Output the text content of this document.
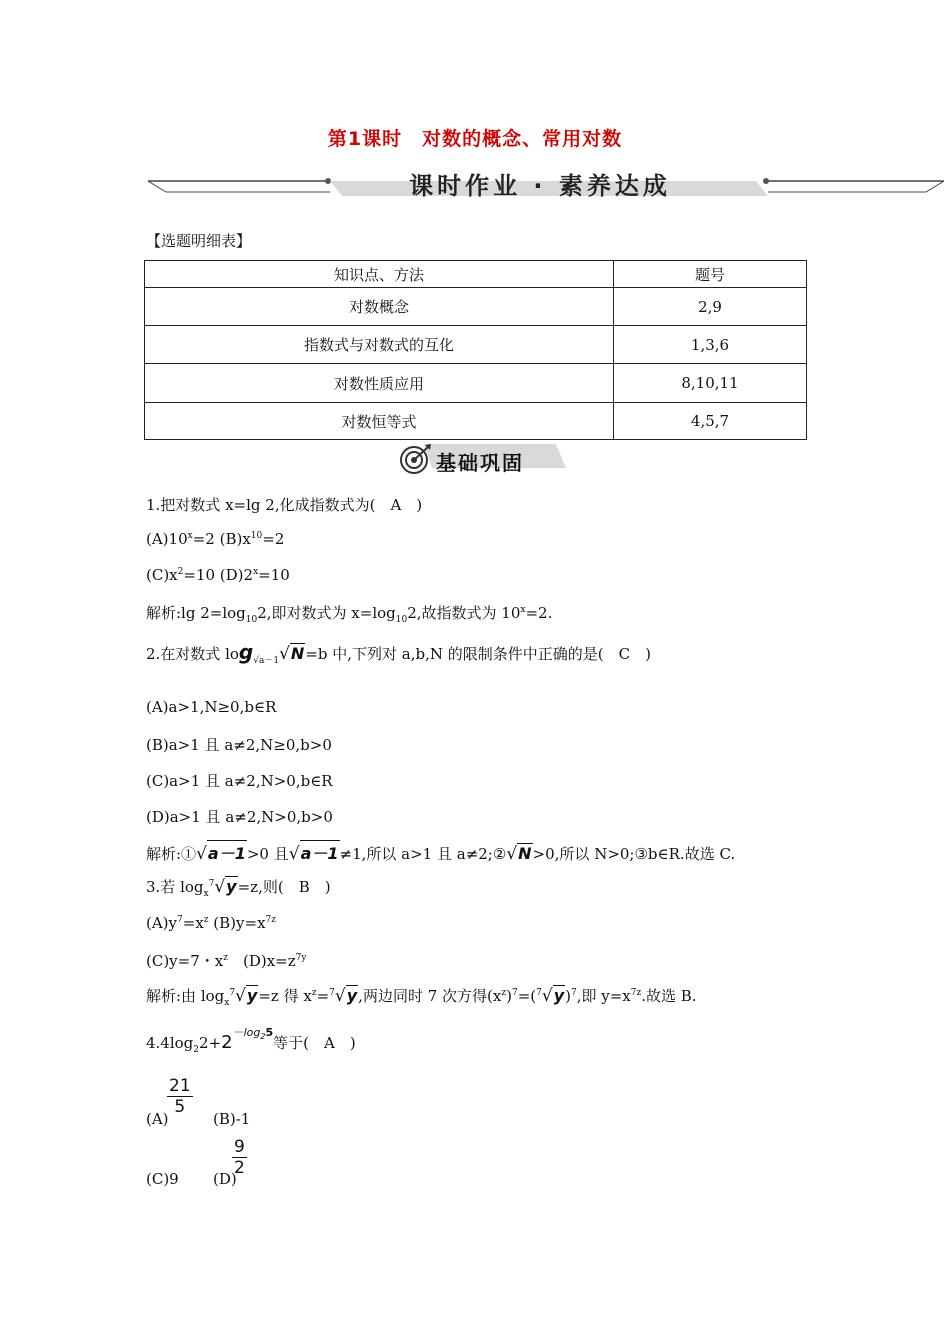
第1课时　对数的概念、常用对数
课时作业 · 素养达成
【选题明细表】
知识点、方法	题号
对数概念	2,9
指数式与对数式的互化	1,3,6
对数性质应用	8,10,11
对数恒等式	4,5,7
基础巩固
1.把对数式 x=lg 2,化成指数式为(　A　)
$(A)10^x=2$ $(B)x^{10}=2$
$(C)x^2=10$ $(D)2^x=10$
解析:lg $2=\log_{10}2$,即对数式为 $x=\log_{10}2$,故指数式为 $10^x=2$.
2.在对数式 $\log_{√a-1}√N=b$ 中,下列对 a,b,N 的限制条件中正确的是(　C　)
(A)a>1,N≥0,b∈R
(B)a>1 且 a≠2,N≥0,b>0
(C)a>1 且 a≠2,N>0,b∈R
(D)a>1 且 a≠2,N>0,b>0
解析:①√a－1>0 且√a－1≠1,所以 a>1 且 a≠2;②√N>0,所以 N>0;③b∈R.故选 C.
3.若 $\log_x^7√y=z$,则(　B　)
$(A)y^7=x^z$ $(B)y=x^{7z}$
(C)y=7・$x^z$　$(D)x=z^{7y}$
解析:由 $\log_x^7√y=z$ 得 $x^z=^7√y$,两边同时 7 次方得$(x^z)^7=(^7√y)^7$,即 $y=x^{7z}$.故选 B.
$4.4\log_22+2^{-log_25}$等于(　A　)
(A)
$\frac{21}{5}$
(B)-1
(C)9 (D)
$\frac{9}{2}$
